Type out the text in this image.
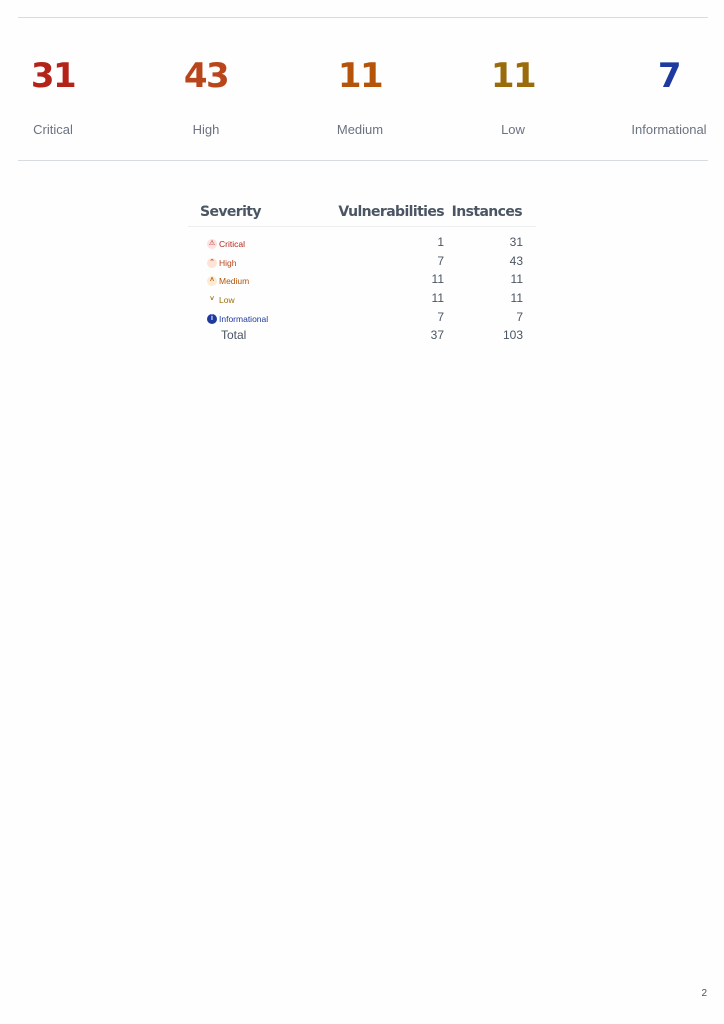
31
Critical
43
High
11
Medium
11
Low
7
Informational
Severity	Vulnerabilities	Instances

⚠ Critical	1	31

⌃ High	7	43

˄ Medium	11	11

˅ Low	11	11

i Informational	7	7
Total	37	103
2
